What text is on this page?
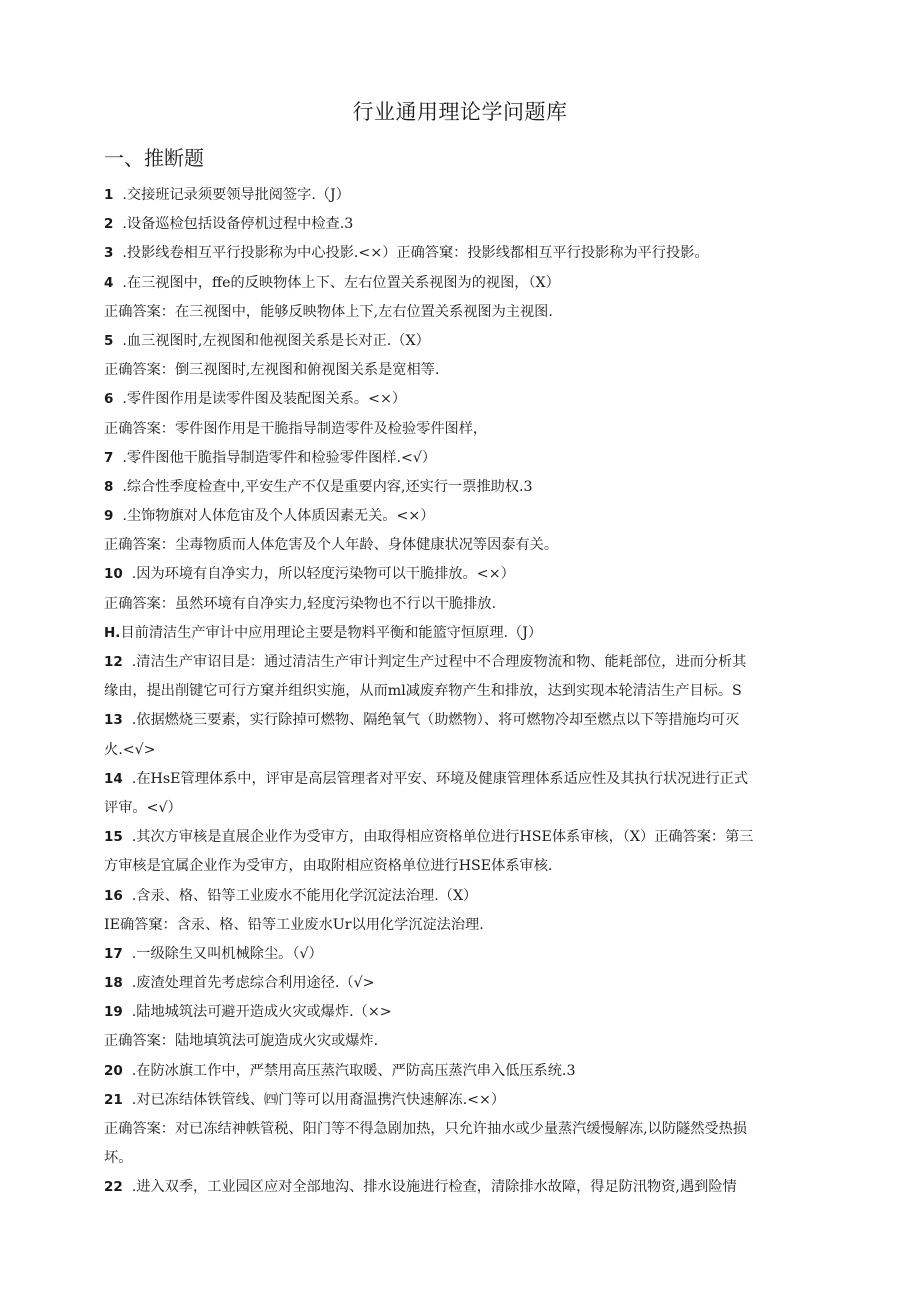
行业通用理论学问题库
一、推断题
1 .交接班记录须要领导批阅签字.（J）
2 .设备巡检包括设备停机过程中检查.3
3 .投影线卷相互平行投影称为中心投影.<×）正确答窠：投影线都相互平行投影称为平行投影。
4 .在三视图中，ffe的反映物体上下、左右位置关系视图为的视图，（X）
正确答案：在三视图中，能够反映物体上下,左右位置关系视图为主视图.
5 .血三视图时,左视图和他视图关系是长对正.（X）
正确答案：倒三视图时,左视图和俯视图关系是宽相等.
6 .零件图作用是读零件图及装配图关系。<×）
正确答案：零件图作用是干脆指导制造零件及检验零件图样，
7 .零件图他干脆指导制造零件和检验零件图样.<√）
8 .综合性季度检查中,平安生产不仅是重要内容,还实行一票推助权.3
9 .尘饰物旗对人体危宙及个人体质因素无关。<×）
正确答案：尘毒物质而人体危害及个人年龄、身体健康状况等因泰有关。
10 .因为环境有自净实力，所以轻度污染物可以干脆排放。<×）
正确答案：虽然环境有自净实力,轻度污染物也不行以干脆排放.
H.目前清洁生产审计中应用理论主要是物料平衡和能篮守恒原理.（J）
12 .清洁生产审诏目是：通过清洁生产审计判定生产过程中不合理废物流和物、能耗部位，进而分析其
缘由，提出削键它可行方窠并组织实施，从而ml减废弃物产生和排放，达到实现本轮清洁生产目标。S
13 .依据燃烧三要素，实行除掉可燃物、隔绝氧气（助燃物）、将可燃物冷却至燃点以下等措施均可灭
火.<√>
14 .在HsE管理体系中，评审是高层管理者对平安、环境及健康管理体系适应性及其执行状况进行正式
评审。<√）
15 .其次方审核是直展企业作为受审方，由取得相应资格单位进行HSE体系审核，（X）正确答案：第三
方审核是宜属企业作为受审方，由取附相应资格单位进行HSE体系审核.
16 .含汞、格、铅等工业废水不能用化学沉淀法治理.（X）
IE确答窠：含汞、格、铅等工业废水Ur以用化学沉淀法治理.
17 .一级除生又叫机械除尘。（√）
18 .废渣处理首先考虑综合利用途径.（√>
19 .陆地城筑法可避开造成火灾或爆炸.（×>
正确答案：陆地填筑法可旎造成火灾或爆炸.
20 .在防冰旗工作中，严禁用高压蒸汽取暖、严防高压蒸汽串入低压系统.3
21 .对已冻结体铁管线、㈣门等可以用裔温携汽快速解冻.<×）
正确答案：对已冻结神帙管税、阳门等不得急剧加热，只允许抽水或少量蒸汽缓慢解冻,以防隧然受热损
坏。
22 .进入双季，工业园区应对全部地沟、排水设施进行检查，清除排水故障，得足防汛物资,遇到险情
